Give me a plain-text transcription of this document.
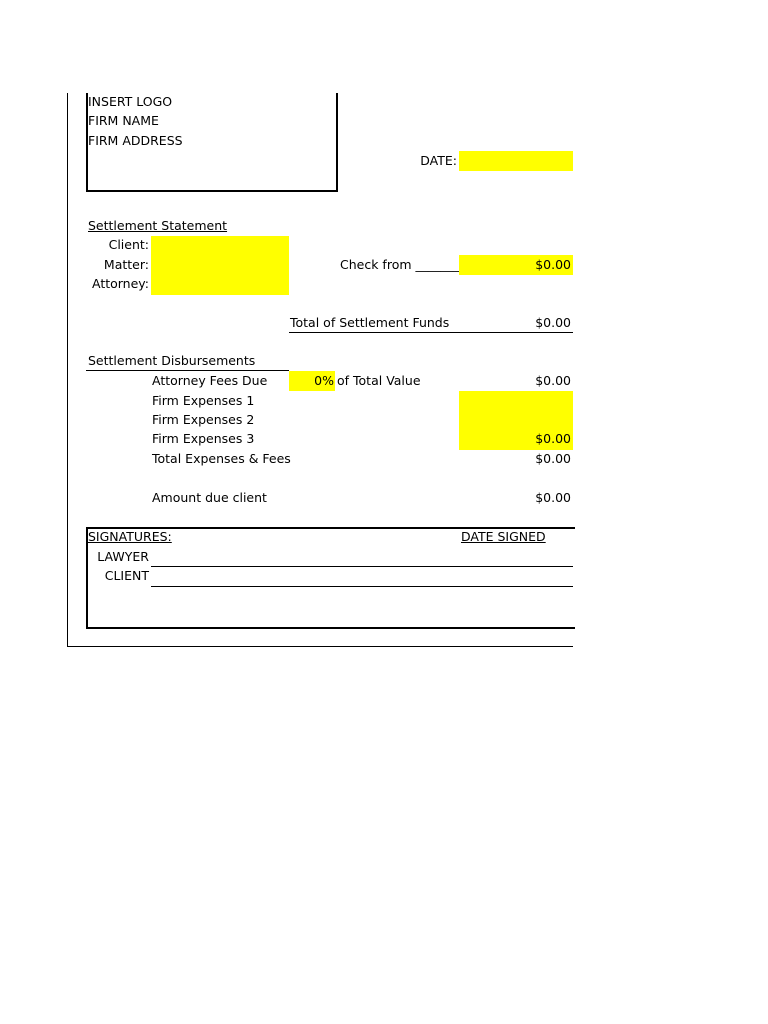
INSERT LOGO
FIRM NAME
FIRM ADDRESS
DATE:
Settlement Statement
Client:
Matter:
Attorney:
Check from _______	$0.00
Total of Settlement Funds	$0.00
Settlement Disbursements
Attorney Fees Due	0% of Total Value	$0.00
Firm Expenses 1
Firm Expenses 2
Firm Expenses 3	$0.00
Total Expenses & Fees	$0.00
Amount due client	$0.00
SIGNATURES:	DATE SIGNED
LAWYER
CLIENT
